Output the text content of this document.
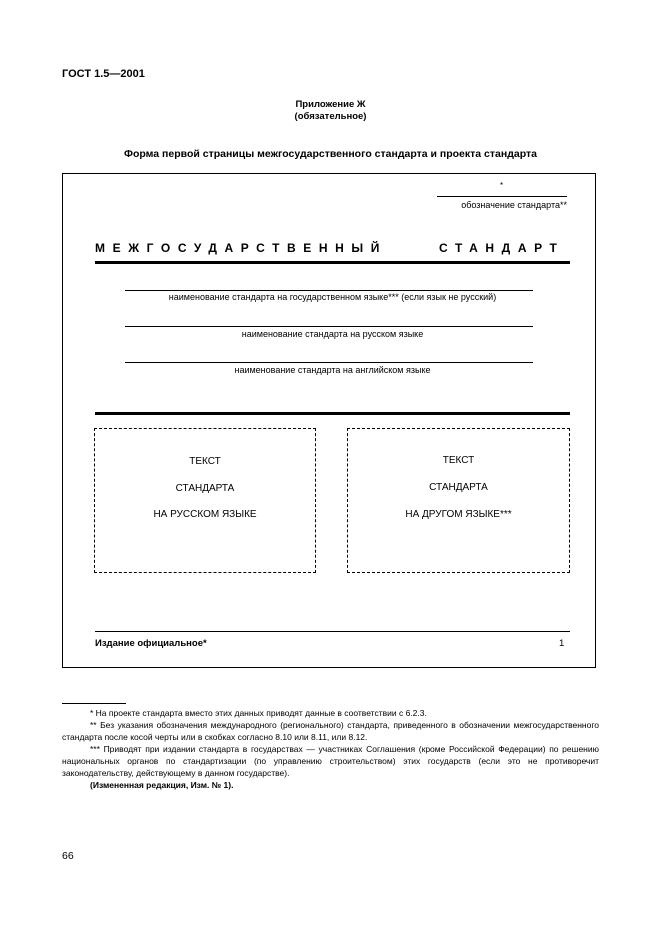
ГОСТ 1.5—2001
Приложение Ж
(обязательное)
Форма первой страницы межгосударственного стандарта и проекта стандарта
*
обозначение стандарта**
МЕЖГОСУДАРСТВЕННЫЙ	СТАНДАРТ
наименование стандарта на государственном языке*** (если язык не русский)
наименование стандарта на русском языке
наименование стандарта на английском языке
ТЕКСТ
СТАНДАРТА
НА РУССКОМ ЯЗЫКЕ
ТЕКСТ
СТАНДАРТА
НА ДРУГОМ ЯЗЫКЕ***
Издание официальное*	1
* На проекте стандарта вместо этих данных приводят данные в соответствии с 6.2.3.
** Без указания обозначения международного (регионального) стандарта, приведенного в обозначении межгосударственного стандарта после косой черты или в скобках согласно 8.10 или 8.11, или 8.12.
*** Приводят при издании стандарта в государствах — участниках Соглашения (кроме Российской Федерации) по решению национальных органов по стандартизации (по управлению строительством) этих государств (если это не противоречит законодательству, действующему в данном государстве).
(Измененная редакция, Изм. № 1).
66
